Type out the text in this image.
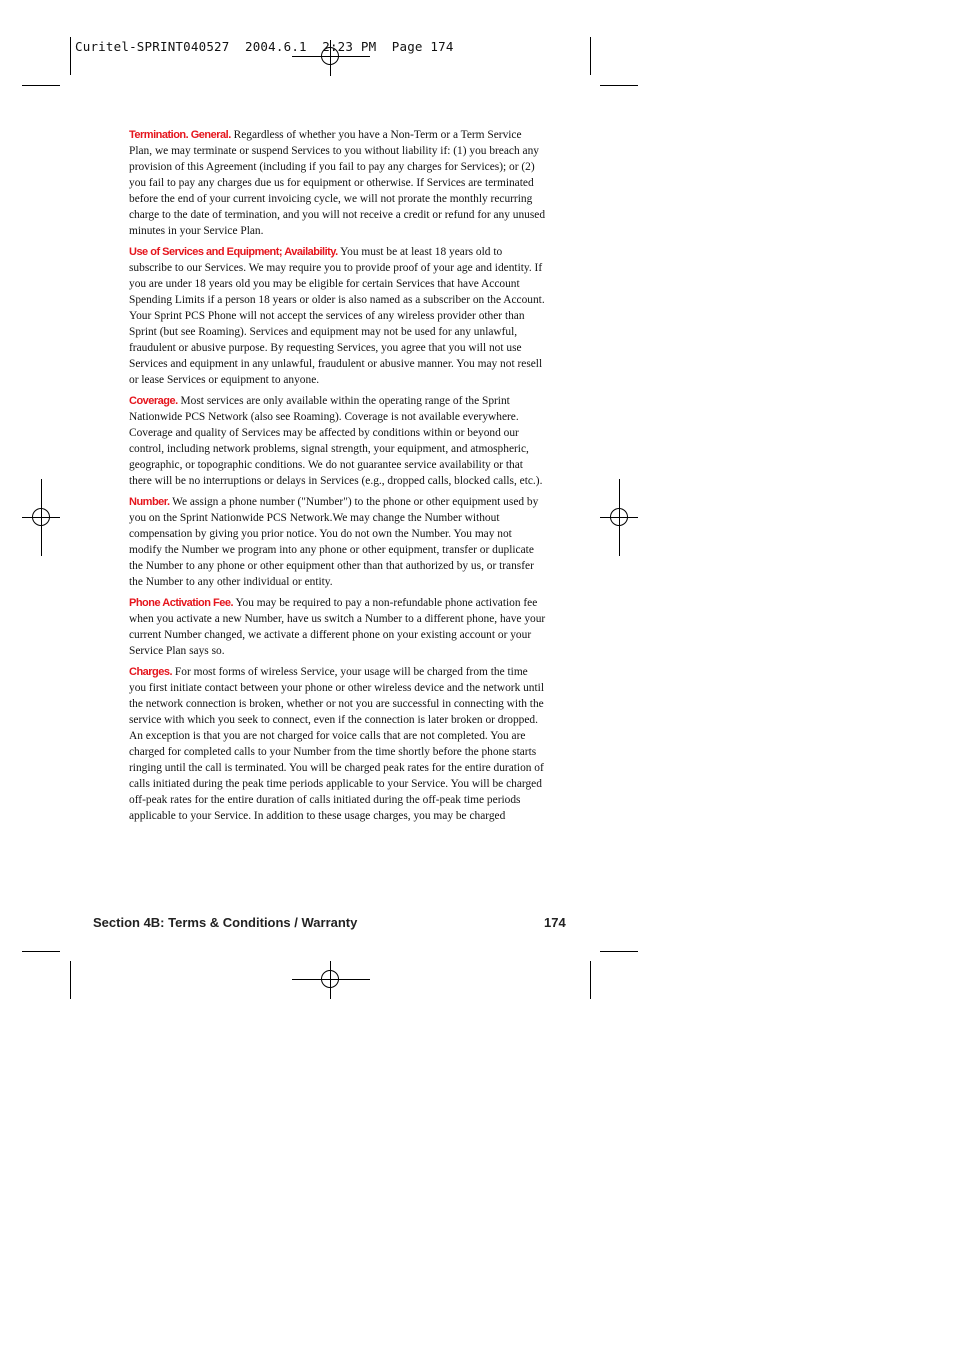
Curitel-SPRINT040527  2004.6.1  2:23 PM  Page 174

Termination. General. Regardless of whether you have a Non-Term or a Term Service Plan, we may terminate or suspend Services to you without liability if: (1) you breach any provision of this Agreement (including if you fail to pay any charges for Services); or (2) you fail to pay any charges due us for equipment or otherwise. If Services are terminated before the end of your current invoicing cycle, we will not prorate the monthly recurring charge to the date of termination, and you will not receive a credit or refund for any unused minutes in your Service Plan.

Use of Services and Equipment; Availability. You must be at least 18 years old to subscribe to our Services. We may require you to provide proof of your age and identity. If you are under 18 years old you may be eligible for certain Services that have Account Spending Limits if a person 18 years or older is also named as a subscriber on the Account. Your Sprint PCS Phone will not accept the services of any wireless provider other than Sprint (but see Roaming). Services and equipment may not be used for any unlawful, fraudulent or abusive purpose. By requesting Services, you agree that you will not use Services and equipment in any unlawful, fraudulent or abusive manner. You may not resell or lease Services or equipment to anyone.

Coverage. Most services are only available within the operating range of the Sprint Nationwide PCS Network (also see Roaming). Coverage is not available everywhere. Coverage and quality of Services may be affected by conditions within or beyond our control, including network problems, signal strength, your equipment, and atmospheric, geographic, or topographic conditions. We do not guarantee service availability or that there will be no interruptions or delays in Services (e.g., dropped calls, blocked calls, etc.).

Number. We assign a phone number ("Number") to the phone or other equipment used by you on the Sprint Nationwide PCS Network.We may change the Number without compensation by giving you prior notice. You do not own the Number. You may not modify the Number we program into any phone or other equipment, transfer or duplicate the Number to any phone or other equipment other than that authorized by us, or transfer the Number to any other individual or entity.

Phone Activation Fee. You may be required to pay a non-refundable phone activation fee when you activate a new Number, have us switch a Number to a different phone, have your current Number changed, we activate a different phone on your existing account or your Service Plan says so.

Charges. For most forms of wireless Service, your usage will be charged from the time you first initiate contact between your phone or other wireless device and the network until the network connection is broken, whether or not you are successful in connecting with the service with which you seek to connect, even if the connection is later broken or dropped. An exception is that you are not charged for voice calls that are not completed. You are charged for completed calls to your Number from the time shortly before the phone starts ringing until the call is terminated. You will be charged peak rates for the entire duration of calls initiated during the peak time periods applicable to your Service. You will be charged off-peak rates for the entire duration of calls initiated during the off-peak time periods applicable to your Service. In addition to these usage charges, you may be charged

Section 4B: Terms & Conditions / Warranty	174
